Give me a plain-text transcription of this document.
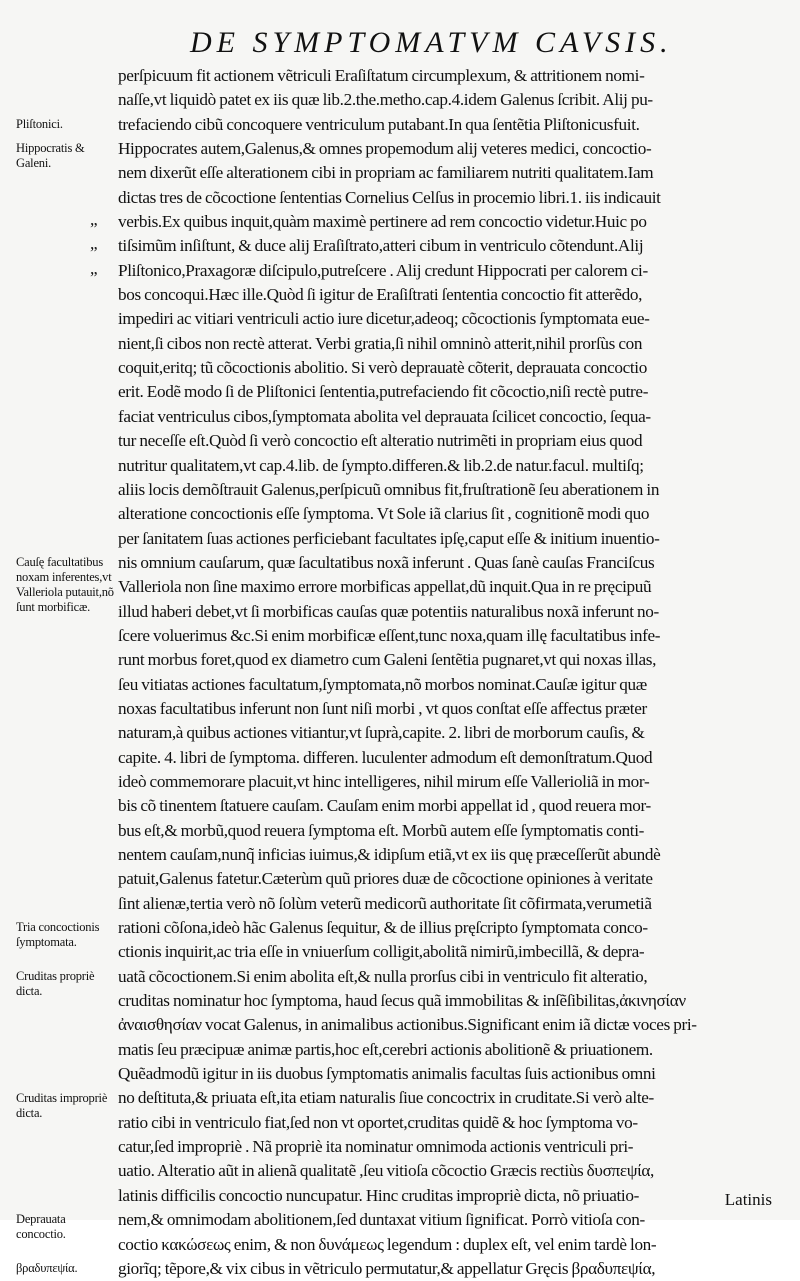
DE SYMPTOMATVM CAVSIS.
perſpicuum fit actionem vẽtriculi Eraſiſtatum circumplexum, & attritionem nomi-
naſſe,vt liquidò patet ex iis quæ lib.2.the.metho.cap.4.idem Galenus ſcribit. Alij pu-
trefaciendo cibũ concoquere ventriculum putabant.In qua ſentẽtia Pliſtonicusfuit.
Hippocrates autem,Galenus,& omnes propemodum alij veteres medici, concoctio-
nem dixerũt eſſe alterationem cibi in propriam ac familiarem nutriti qualitatem.Iam
dictas tres de cõcoctione ſententias Cornelius Celſus in procemio libri.1. iis indicauit
verbis.Ex quibus inquit,quàm maximè pertinere ad rem concoctio videtur.Huic po
tiſsimũm inſiſtunt, & duce alij Eraſiſtrato,atteri cibum in ventriculo cõtendunt.Alij
Pliſtonico,Praxagoræ diſcipulo,putreſcere . Alij credunt Hippocrati per calorem ci-
bos concoqui.Hæc ille.Quòd ſi igitur de Eraſiſtrati ſententia concoctio fit atterẽdo,
impediri ac vitiari ventriculi actio iure dicetur,adeoq; cõcoctionis ſymptomata eue-
nient,ſi cibos non rectè atterat. Verbi gratia,ſi nihil omninò atterit,nihil prorſùs con
coquit,eritq; tũ cõcoctionis abolitio. Si verò deprauatè cõterit, deprauata concoctio
erit. Eodẽ modo ſi de Pliſtonici ſententia,putrefaciendo fit cõcoctio,niſi rectè putre-
faciat ventriculus cibos,ſymptomata abolita vel deprauata ſcilicet concoctio, ſequa-
tur neceſſe eſt.Quòd ſi verò concoctio eſt alteratio nutrimẽti in propriam eius quod
nutritur qualitatem,vt cap.4.lib. de ſympto.differen.& lib.2.de natur.facul. multiſq;
aliis locis demõſtrauit Galenus,perſpicuũ omnibus fit,fruſtrationẽ ſeu aberationem in
alteratione concoctionis eſſe ſymptoma. Vt Sole iã clarius ſit , cognitionẽ modi quo
per ſanitatem ſuas actiones perficiebant facultates ipſę,caput eſſe & initium inuentio-
nis omnium cauſarum, quæ ſacultatibus noxã inferunt . Quas ſanè cauſas Franciſcus
Valleriola non ſine maximo errore morbificas appellat,dũ inquit.Qua in re pręcipuũ
illud haberi debet,vt ſi morbificas cauſas quæ potentiis naturalibus noxã inferunt no-
ſcere voluerimus &c.Si enim morbificæ eſſent,tunc noxa,quam illę facultatibus infe-
runt morbus foret,quod ex diametro cum Galeni ſentẽtia pugnaret,vt qui noxas illas,
ſeu vitiatas actiones facultatum,ſymptomata,nõ morbos nominat.Cauſæ igitur quæ
noxas facultatibus inferunt non ſunt niſi morbi , vt quos conſtat eſſe affectus præter
naturam,à quibus actiones vitiantur,vt ſuprà,capite. 2. libri de morborum cauſis, &
capite. 4. libri de ſymptoma. differen. luculenter admodum eſt demonſtratum.Quod
ideò commemorare placuit,vt hinc intelligeres, nihil mirum eſſe Vallerioliã in mor-
bis cõ tinentem ſtatuere cauſam. Cauſam enim morbi appellat id , quod reuera mor-
bus eſt,& morbũ,quod reuera ſymptoma eſt. Morbũ autem eſſe ſymptomatis conti-
nentem cauſam,nunq̃ inficias iuimus,& idipſum etiã,vt ex iis quę præceſſerũt abundè
patuit,Galenus fatetur.Cæterùm quũ priores duæ de cõcoctione opiniones à veritate
ſint alienæ,tertia verò nõ ſolùm veterũ medicorũ authoritate ſit cõfirmata,verumetiã
rationi cõſona,ideò hãc Galenus ſequitur, & de illius pręſcripto ſymptomata conco-
ctionis inquirit,ac tria eſſe in vniuerſum colligit,abolitã nimirũ,imbecillã, & depra-
uatã cõcoctionem.Si enim abolita eſt,& nulla prorſus cibi in ventriculo fit alteratio,
cruditas nominatur hoc ſymptoma, haud ſecus quã immobilitas & inſẽſibilitas,ἀκινησίαν
ἀναισθησίαν vocat Galenus, in animalibus actionibus.Significant enim iã dictæ voces pri-
matis ſeu præcipuæ animæ partis,hoc eſt,cerebri actionis abolitionẽ & priuationem.
Quẽadmodũ igitur in iis duobus ſymptomatis animalis facultas ſuis actionibus omni
no deſtituta,& priuata eſt,ita etiam naturalis ſiue concoctrix in cruditate.Si verò alte-
ratio cibi in ventriculo fiat,ſed non vt oportet,cruditas quidẽ & hoc ſymptoma vo-
catur,ſed impropriè . Nã propriè ita nominatur omnimoda actionis ventriculi pri-
uatio. Alteratio aũt in alienã qualitatẽ ,ſeu vitioſa cõcoctio Græcis rectiùs δυσπεψία,
latinis difficilis concoctio nuncupatur. Hinc cruditas impropriè dicta, nõ priuatio-
nem,& omnimodam abolitionem,ſed duntaxat vitium ſignificat. Porrò vitioſa con-
coctio κακώσεως enim, & non δυνάμεως legendum : duplex eſt, vel enim tardè lon-
giorĩq; tẽpore,& vix cibus in vẽtriculo permutatur,& appellatur Gręcis βραδυπεψία,
Pliſtonici.
Hippocratis & Galeni.
Cauſę facultatibus noxam inferentes,vt Valleriola putauit,nõ ſunt morbificæ.
Tria concoctionis ſymptomata.
Cruditas propriè dicta.
Cruditas impropriè dicta.
Deprauata concoctio.
βραδυπεψία.
„
„
„
Latinis
